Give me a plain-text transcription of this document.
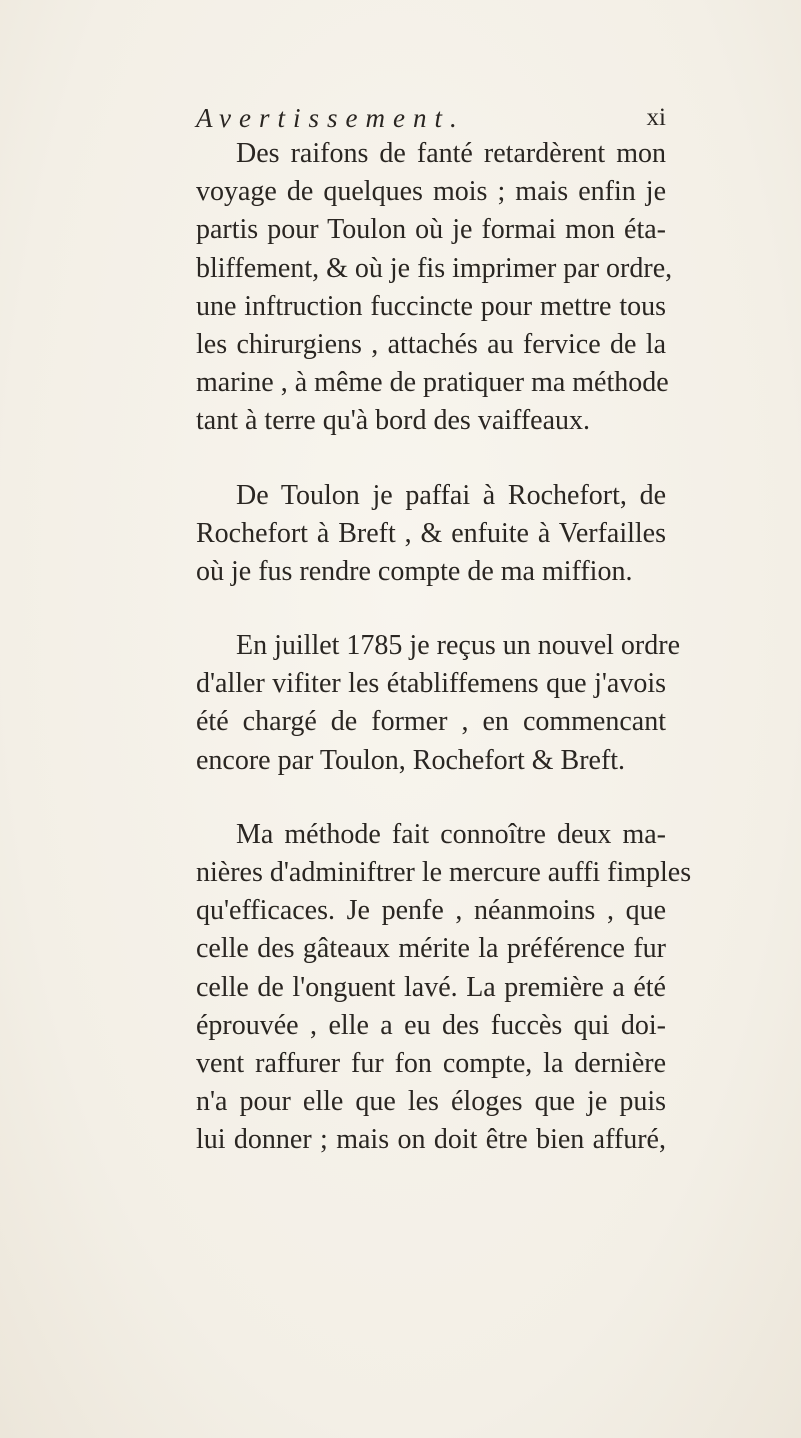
Avertissement.	xi
Des raifons de fanté retardèrent mon
voyage de quelques mois ; mais enfin je
partis pour Toulon où je formai mon éta-
bliffement, & où je fis imprimer par ordre,
une inftruction fuccincte pour mettre tous
les chirurgiens , attachés au fervice de la
marine , à même de pratiquer ma méthode
tant à terre qu'à bord des vaiffeaux.
De Toulon je paffai à Rochefort, de
Rochefort à Breft , & enfuite à Verfailles
où je fus rendre compte de ma miffion.
En juillet 1785 je reçus un nouvel ordre
d'aller vifiter les établiffemens que j'avois
été chargé de former , en commencant
encore par Toulon, Rochefort & Breft.
Ma méthode fait connoître deux ma-
nières d'adminiftrer le mercure auffi fimples
qu'efficaces. Je penfe , néanmoins , que
celle des gâteaux mérite la préférence fur
celle de l'onguent lavé. La première a été
éprouvée , elle a eu des fuccès qui doi-
vent raffurer fur fon compte, la dernière
n'a pour elle que les éloges que je puis
lui donner ; mais on doit être bien affuré,
